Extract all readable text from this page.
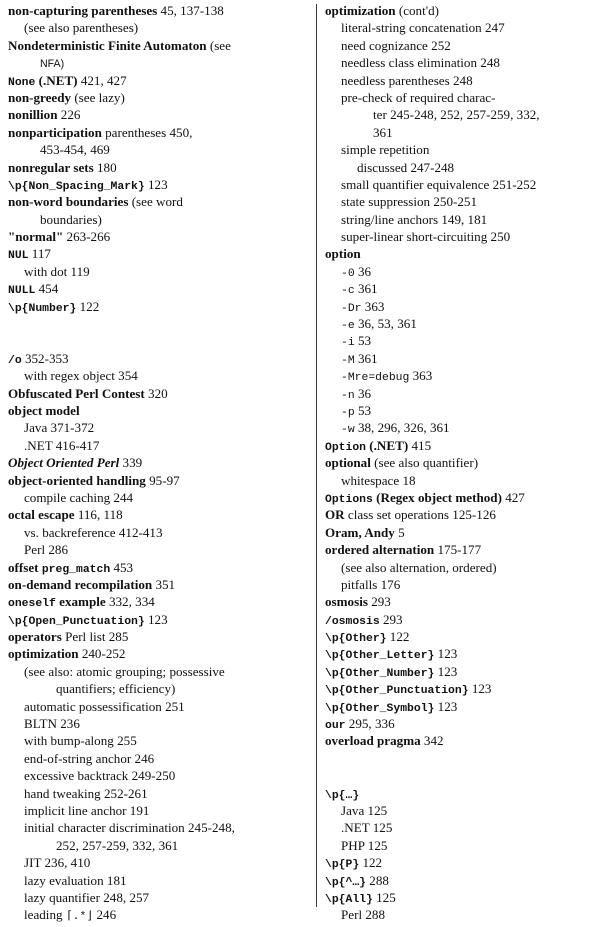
non-capturing parentheses 45, 137-138
(see also parentheses)
Nondeterministic Finite Automaton (see
NFA)
None (.NET) 421, 427
non-greedy (see lazy)
nonillion 226
nonparticipation parentheses 450,
453-454, 469
nonregular sets 180
\p{Non_Spacing_Mark} 123
non-word boundaries (see word
boundaries)
"normal" 263-266
NUL 117
with dot 119
NULL 454
\p{Number} 122
/o 352-353
with regex object 354
Obfuscated Perl Contest 320
object model
Java 371-372
.NET 416-417
Object Oriented Perl 339
object-oriented handling 95-97
compile caching 244
octal escape 116, 118
vs. backreference 412-413
Perl 286
offset preg_match 453
on-demand recompilation 351
oneself example 332, 334
\p{Open_Punctuation} 123
operators Perl list 285
optimization 240-252
(see also: atomic grouping; possessive
quantifiers; efficiency)
automatic possessification 251
BLTN 236
with bump-along 255
end-of-string anchor 246
excessive backtrack 249-250
hand tweaking 252-261
implicit line anchor 191
initial character discrimination 245-248,
252, 257-259, 332, 361
JIT 236, 410
lazy evaluation 181
lazy quantifier 248, 257
leading ⌈.*⌋ 246
optimization (cont'd)
literal-string concatenation 247
need cognizance 252
needless class elimination 248
needless parentheses 248
pre-check of required charac-
ter 245-248, 252, 257-259, 332,
361
simple repetition
discussed 247-248
small quantifier equivalence 251-252
state suppression 250-251
string/line anchors 149, 181
super-linear short-circuiting 250
option
-0 36
-c 361
-Dr 363
-e 36, 53, 361
-i 53
-M 361
-Mre=debug 363
-n 36
-p 53
-w 38, 296, 326, 361
Option (.NET) 415
optional (see also quantifier)
whitespace 18
Options (Regex object method) 427
OR class set operations 125-126
Oram, Andy 5
ordered alternation 175-177
(see also alternation, ordered)
pitfalls 176
osmosis 293
/osmosis 293
\p{Other} 122
\p{Other_Letter} 123
\p{Other_Number} 123
\p{Other_Punctuation} 123
\p{Other_Symbol} 123
our 295, 336
overload pragma 342
\p{…}
Java 125
.NET 125
PHP 125
\p{P} 122
\p{^…} 288
\p{All} 125
Perl 288
